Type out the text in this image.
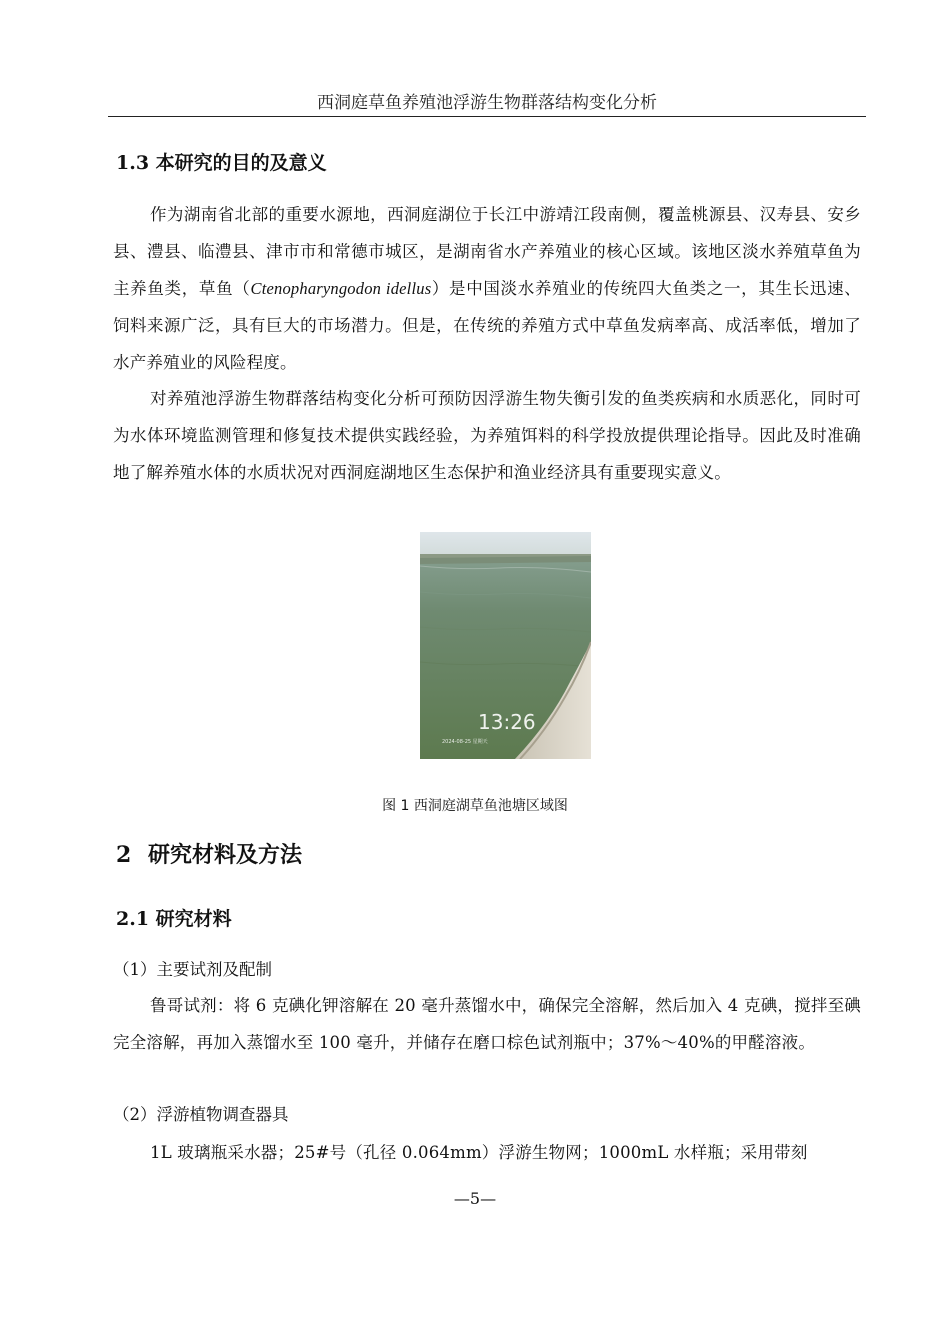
西洞庭草鱼养殖池浮游生物群落结构变化分析
1.3 本研究的目的及意义
作为湖南省北部的重要水源地，西洞庭湖位于长江中游靖江段南侧，覆盖桃源县、汉寿县、安乡县、澧县、临澧县、津市市和常德市城区，是湖南省水产养殖业的核心区域。该地区淡水养殖草鱼为主养鱼类，草鱼（Ctenopharyngodon idellus）是中国淡水养殖业的传统四大鱼类之一，其生长迅速、饲料来源广泛，具有巨大的市场潜力。但是，在传统的养殖方式中草鱼发病率高、成活率低，增加了水产养殖业的风险程度。
对养殖池浮游生物群落结构变化分析可预防因浮游生物失衡引发的鱼类疾病和水质恶化，同时可为水体环境监测管理和修复技术提供实践经验，为养殖饵料的科学投放提供理论指导。因此及时准确地了解养殖水体的水质状况对西洞庭湖地区生态保护和渔业经济具有重要现实意义。
13:26
2024-08-25 星期天
图 1 西洞庭湖草鱼池塘区域图
2 研究材料及方法
2.1 研究材料
（1）主要试剂及配制
鲁哥试剂：将 6 克碘化钾溶解在 20 毫升蒸馏水中，确保完全溶解，然后加入 4 克碘，搅拌至碘完全溶解，再加入蒸馏水至 100 毫升，并储存在磨口棕色试剂瓶中；37%～40%的甲醛溶液。
（2）浮游植物调查器具
1L 玻璃瓶采水器；25#号（孔径 0.064mm）浮游生物网；1000mL 水样瓶；采用带刻
—5—
